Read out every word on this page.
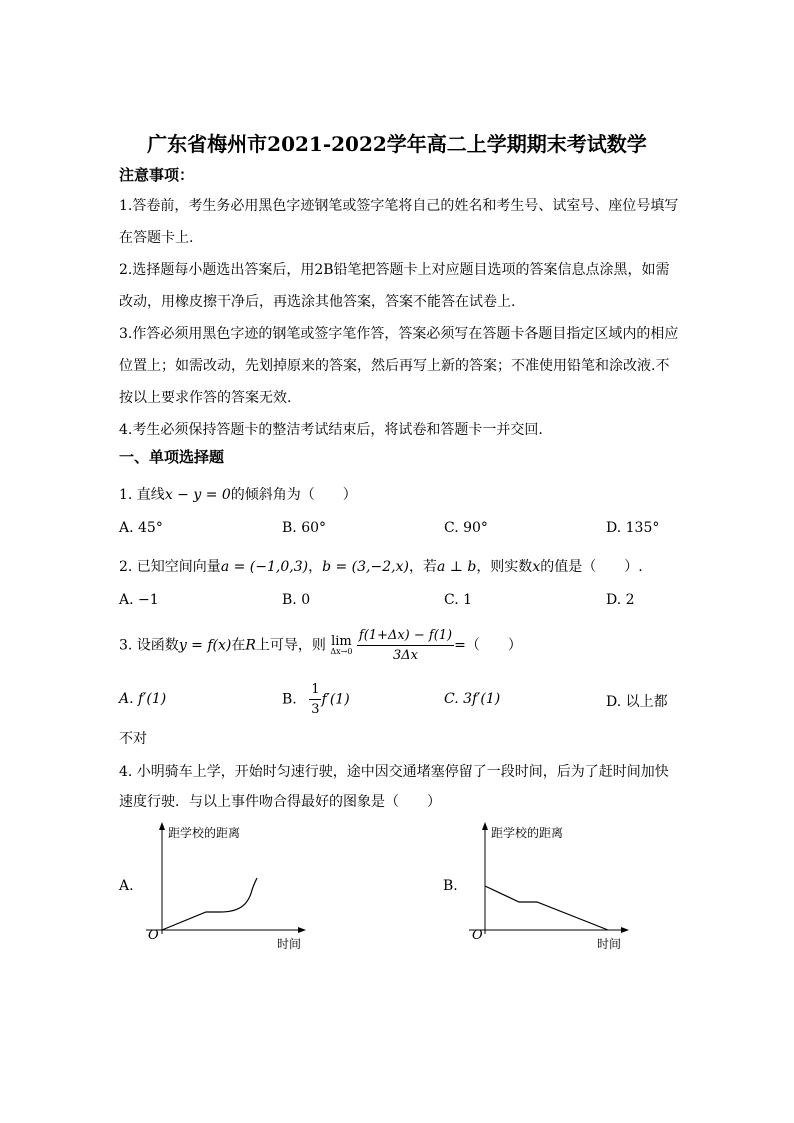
广东省梅州市2021-2022学年高二上学期期末考试数学
注意事项：
1.答卷前，考生务必用黑色字迹钢笔或签字笔将自己的姓名和考生号、试室号、座位号填写
在答题卡上.
2.选择题每小题选出答案后，用2B铅笔把答题卡上对应题目选项的答案信息点涂黑，如需
改动，用橡皮擦干净后，再选涂其他答案，答案不能答在试卷上.
3.作答必须用黑色字迹的钢笔或签字笔作答，答案必须写在答题卡各题目指定区域内的相应
位置上；如需改动，先划掉原来的答案，然后再写上新的答案；不准使用铅笔和涂改液.不
按以上要求作答的答案无效.
4.考生必须保持答题卡的整洁考试结束后，将试卷和答题卡一并交回.
一、单项选择题
1. 直线x − y = 0的倾斜角为（　　）
A. 45°	B. 60°	C. 90°	D. 135°
2. 已知空间向量a = (−1,0,3)，b = (3,−2,x)，若a ⊥ b，则实数x的值是（　　）.
A. −1	B. 0	C. 1	D. 2
3. 设函数y = f(x)在R上可导，则 lim
Δx→0
$\frac{f(1+\Delta x) - f(1)}{3\Delta x}$ =（　　）
A. f′(1)	B. $\frac{1}{3} f'(1)$	C. 3f′(1)	D. 以上都
不对
4. 小明骑车上学，开始时匀速行驶，途中因交通堵塞停留了一段时间，后为了赶时间加快
速度行驶．与以上事件吻合得最好的图象是（　　）
A.
距学校的距离
时间
O
B.
距学校的距离
时间
O
